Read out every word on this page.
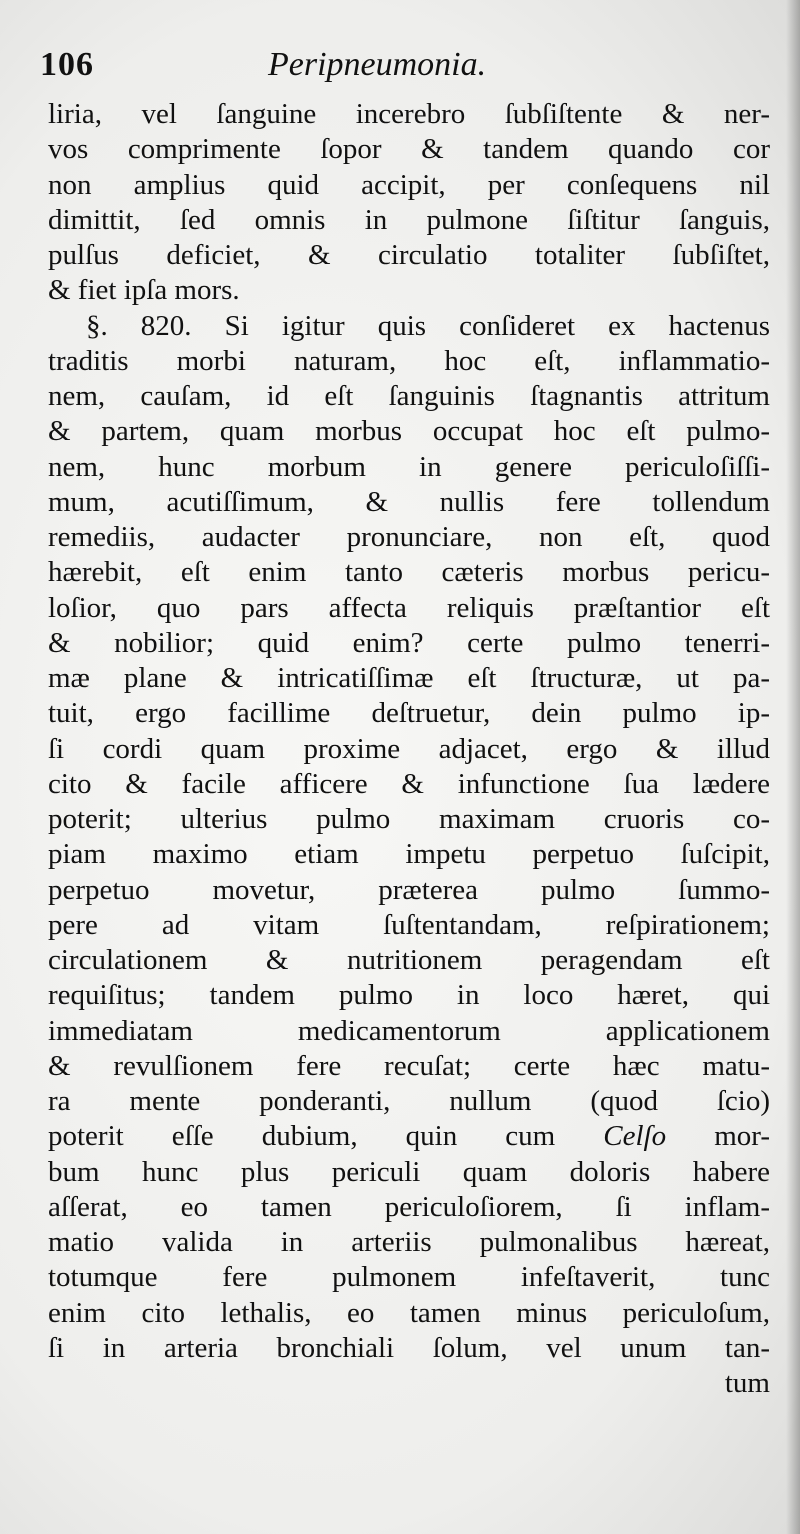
106	Peripneumonia.
liria, vel ſanguine incerebro ſubſiſtente & ner-
vos comprimente ſopor & tandem quando cor
non amplius quid accipit, per conſequens nil
dimittit, ſed omnis in pulmone ſiſtitur ſanguis,
pulſus deficiet, & circulatio totaliter ſubſiſtet,
& fiet ipſa mors.
§. 820. Si igitur quis conſideret ex hactenus
traditis morbi naturam, hoc eſt, inflammatio-
nem, cauſam, id eſt ſanguinis ſtagnantis attritum
& partem, quam morbus occupat hoc eſt pulmo-
nem, hunc morbum in genere periculoſiſſi-
mum, acutiſſimum, & nullis fere tollendum
remediis, audacter pronunciare, non eſt, quod
hærebit, eſt enim tanto cæteris morbus pericu-
loſior, quo pars affecta reliquis præſtantior eſt
& nobilior; quid enim? certe pulmo tenerri-
mæ plane & intricatiſſimæ eſt ſtructuræ, ut pa-
tuit, ergo facillime deſtruetur, dein pulmo ip-
ſi cordi quam proxime adjacet, ergo & illud
cito & facile afficere & infunctione ſua lædere
poterit; ulterius pulmo maximam cruoris co-
piam maximo etiam impetu perpetuo ſuſcipit,
perpetuo movetur, præterea pulmo ſummo-
pere ad vitam ſuſtentandam, reſpirationem;
circulationem & nutritionem peragendam eſt
requiſitus; tandem pulmo in loco hæret, qui
immediatam medicamentorum applicationem
& revulſionem fere recuſat; certe hæc matu-
ra mente ponderanti, nullum (quod ſcio)
poterit eſſe dubium, quin cum Celſo mor-
bum hunc plus periculi quam doloris habere
aſſerat, eo tamen periculoſiorem, ſi inflam-
matio valida in arteriis pulmonalibus hæreat,
totumque fere pulmonem infeſtaverit, tunc
enim cito lethalis, eo tamen minus periculoſum,
ſi in arteria bronchiali ſolum, vel unum tan-
tum
